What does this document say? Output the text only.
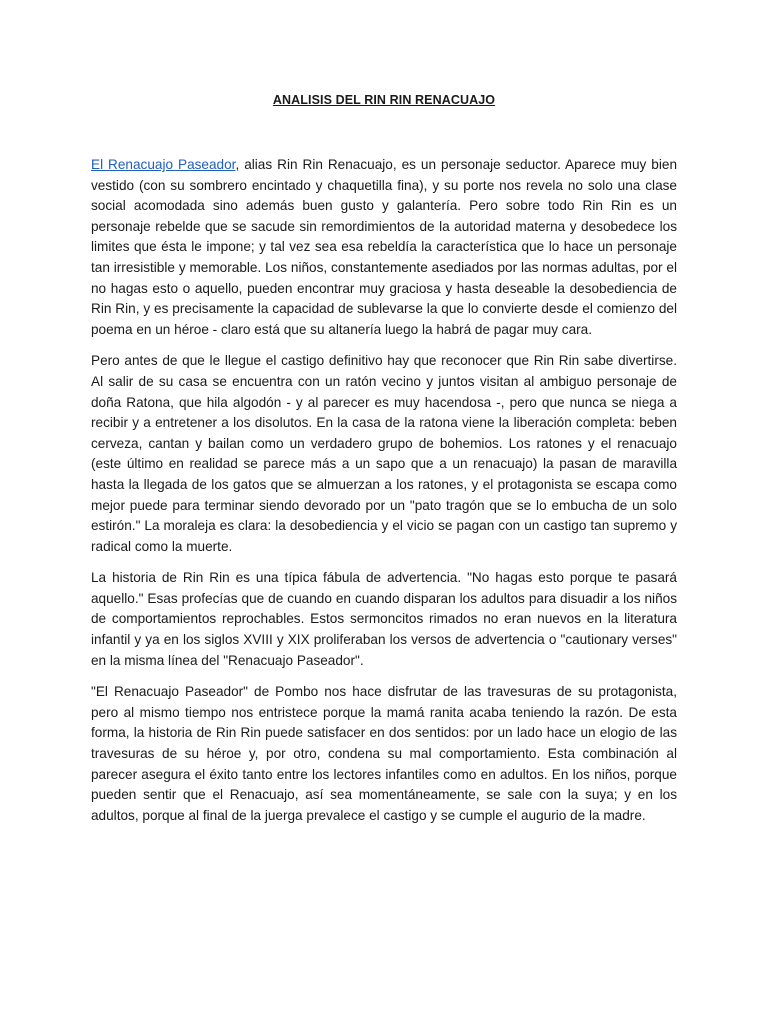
ANALISIS DEL RIN RIN RENACUAJO

El Renacuajo Paseador, alias Rin Rin Renacuajo, es un personaje seductor. Aparece muy bien vestido (con su sombrero encintado y chaquetilla fina), y su porte nos revela no solo una clase social acomodada sino además buen gusto y galantería. Pero sobre todo Rin Rin es un personaje rebelde que se sacude sin remordimientos de la autoridad materna y desobedece los limites que ésta le impone; y tal vez sea esa rebeldía la característica que lo hace un personaje tan irresistible y memorable. Los niños, constantemente asediados por las normas adultas, por el no hagas esto o aquello, pueden encontrar muy graciosa y hasta deseable la desobediencia de Rin Rin, y es precisamente la capacidad de sublevarse la que lo convierte desde el comienzo del poema en un héroe - claro está que su altanería luego la habrá de pagar muy cara.

Pero antes de que le llegue el castigo definitivo hay que reconocer que Rin Rin sabe divertirse. Al salir de su casa se encuentra con un ratón vecino y juntos visitan al ambiguo personaje de doña Ratona, que hila algodón - y al parecer es muy hacendosa -, pero que nunca se niega a recibir y a entretener a los disolutos. En la casa de la ratona viene la liberación completa: beben cerveza, cantan y bailan como un verdadero grupo de bohemios. Los ratones y el renacuajo (este último en realidad se parece más a un sapo que a un renacuajo) la pasan de maravilla hasta la llegada de los gatos que se almuerzan a los ratones, y el protagonista se escapa como mejor puede para terminar siendo devorado por un "pato tragón que se lo embucha de un solo estirón." La moraleja es clara: la desobediencia y el vicio se pagan con un castigo tan supremo y radical como la muerte.

La historia de Rin Rin es una típica fábula de advertencia. "No hagas esto porque te pasará aquello." Esas profecías que de cuando en cuando disparan los adultos para disuadir a los niños de comportamientos reprochables. Estos sermoncitos rimados no eran nuevos en la literatura infantil y ya en los siglos XVIII y XIX proliferaban los versos de advertencia o "cautionary verses" en la misma línea del "Renacuajo Paseador".

"El Renacuajo Paseador" de Pombo nos hace disfrutar de las travesuras de su protagonista, pero al mismo tiempo nos entristece porque la mamá ranita acaba teniendo la razón. De esta forma, la historia de Rin Rin puede satisfacer en dos sentidos: por un lado hace un elogio de las travesuras de su héroe y, por otro, condena su mal comportamiento. Esta combinación al parecer asegura el éxito tanto entre los lectores infantiles como en adultos. En los niños, porque pueden sentir que el Renacuajo, así sea momentáneamente, se sale con la suya; y en los adultos, porque al final de la juerga prevalece el castigo y se cumple el augurio de la madre.
